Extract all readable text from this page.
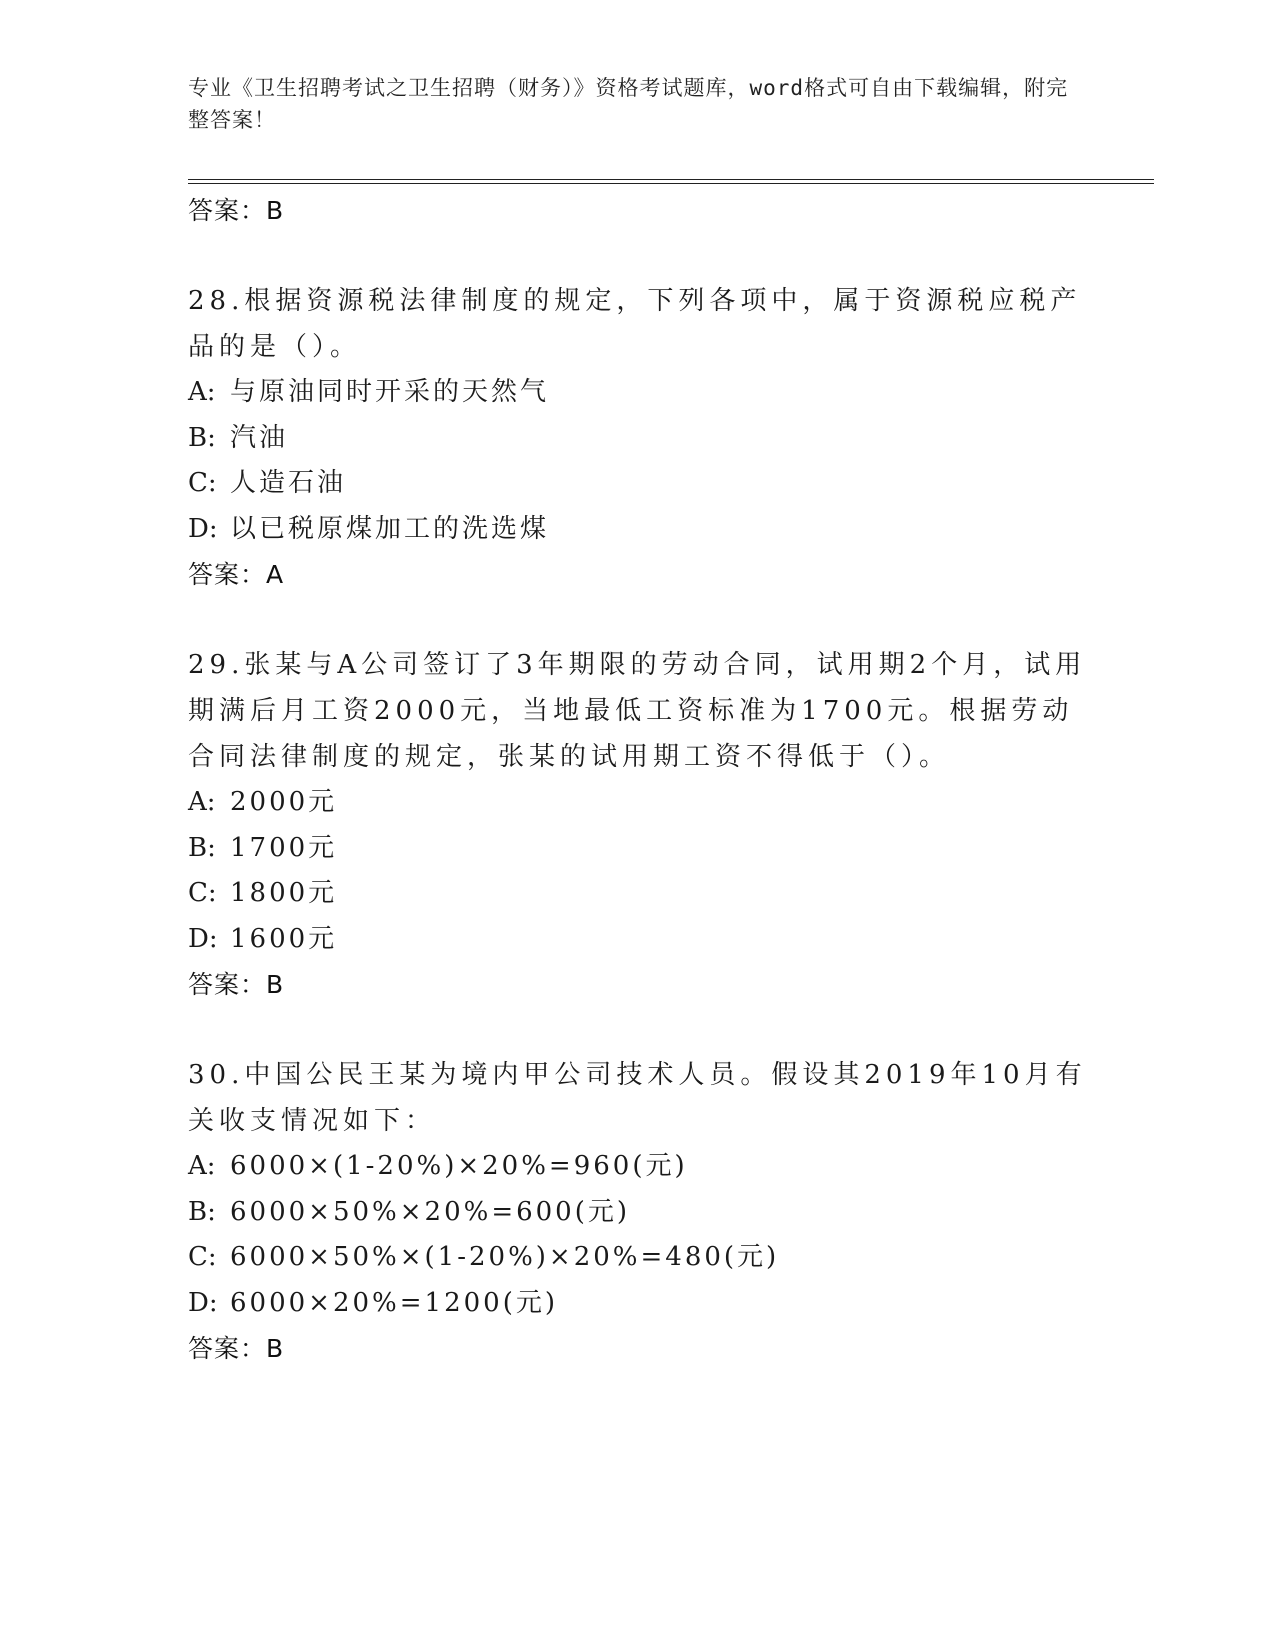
专业《卫生招聘考试之卫生招聘（财务）》资格考试题库，word格式可自由下载编辑，附完整答案！
答案：B
28.根据资源税法律制度的规定，下列各项中，属于资源税应税产品的是（）。
A: 与原油同时开采的天然气
B: 汽油
C: 人造石油
D: 以已税原煤加工的洗选煤
答案：A
29.张某与A公司签订了3年期限的劳动合同，试用期2个月，试用期满后月工资2000元，当地最低工资标准为1700元。根据劳动合同法律制度的规定，张某的试用期工资不得低于（）。
A: 2000元
B: 1700元
C: 1800元
D: 1600元
答案：B
30.中国公民王某为境内甲公司技术人员。假设其2019年10月有关收支情况如下：
A: 6000×(1-20%)×20%=960(元)
B: 6000×50%×20%=600(元)
C: 6000×50%×(1-20%)×20%=480(元)
D: 6000×20%=1200(元)
答案：B
